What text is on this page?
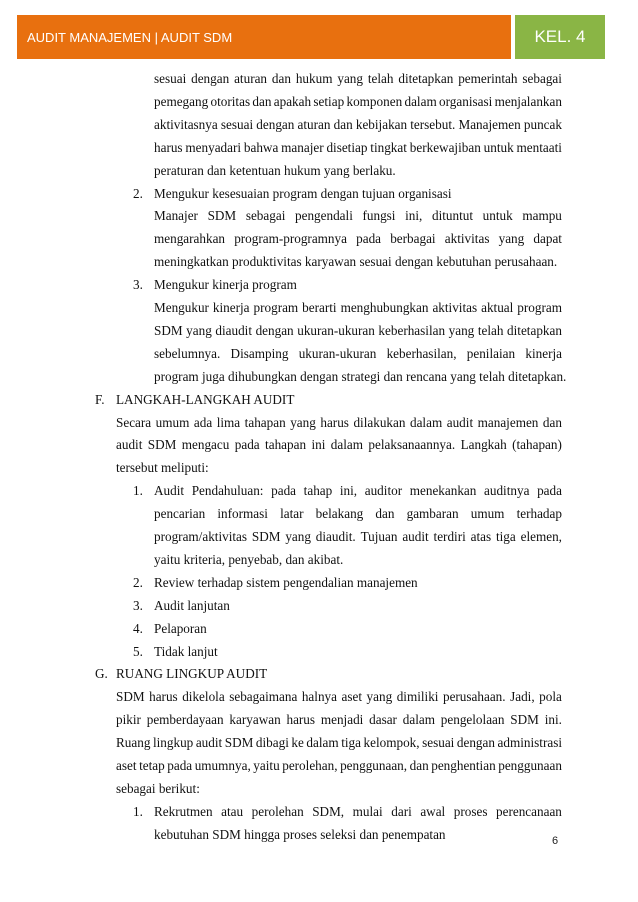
AUDIT MANAJEMEN | AUDIT SDM	KEL. 4
sesuai dengan aturan dan hukum yang telah ditetapkan pemerintah sebagai
pemegang otoritas dan apakah setiap komponen dalam organisasi menjalankan
aktivitasnya sesuai dengan aturan dan kebijakan tersebut. Manajemen puncak
harus menyadari bahwa manajer disetiap tingkat berkewajiban untuk mentaati
peraturan dan ketentuan hukum yang berlaku.
2. Mengukur kesesuaian program dengan tujuan organisasi
Manajer SDM sebagai pengendali fungsi ini, dituntut untuk mampu
mengarahkan program-programnya pada berbagai aktivitas yang dapat
meningkatkan produktivitas karyawan sesuai dengan kebutuhan perusahaan.
3. Mengukur kinerja program
Mengukur kinerja program berarti menghubungkan aktivitas aktual program
SDM yang diaudit dengan ukuran-ukuran keberhasilan yang telah ditetapkan
sebelumnya. Disamping ukuran-ukuran keberhasilan, penilaian kinerja
program juga dihubungkan dengan strategi dan rencana yang telah ditetapkan.
F. LANGKAH-LANGKAH AUDIT
Secara umum ada lima tahapan yang harus dilakukan dalam audit manajemen dan
audit SDM mengacu pada tahapan ini dalam pelaksanaannya. Langkah (tahapan)
tersebut meliputi:
1. Audit Pendahuluan: pada tahap ini, auditor menekankan auditnya pada
pencarian informasi latar belakang dan gambaran umum terhadap
program/aktivitas SDM yang diaudit. Tujuan audit terdiri atas tiga elemen,
yaitu kriteria, penyebab, dan akibat.
2. Review terhadap sistem pengendalian manajemen
3. Audit lanjutan
4. Pelaporan
5. Tidak lanjut
G. RUANG LINGKUP AUDIT
SDM harus dikelola sebagaimana halnya aset yang dimiliki perusahaan. Jadi, pola
pikir pemberdayaan karyawan harus menjadi dasar dalam pengelolaan SDM ini.
Ruang lingkup audit SDM dibagi ke dalam tiga kelompok, sesuai dengan administrasi
aset tetap pada umumnya, yaitu perolehan, penggunaan, dan penghentian penggunaan
sebagai berikut:
1. Rekrutmen atau perolehan SDM, mulai dari awal proses perencanaan
kebutuhan SDM hingga proses seleksi dan penempatan	6
